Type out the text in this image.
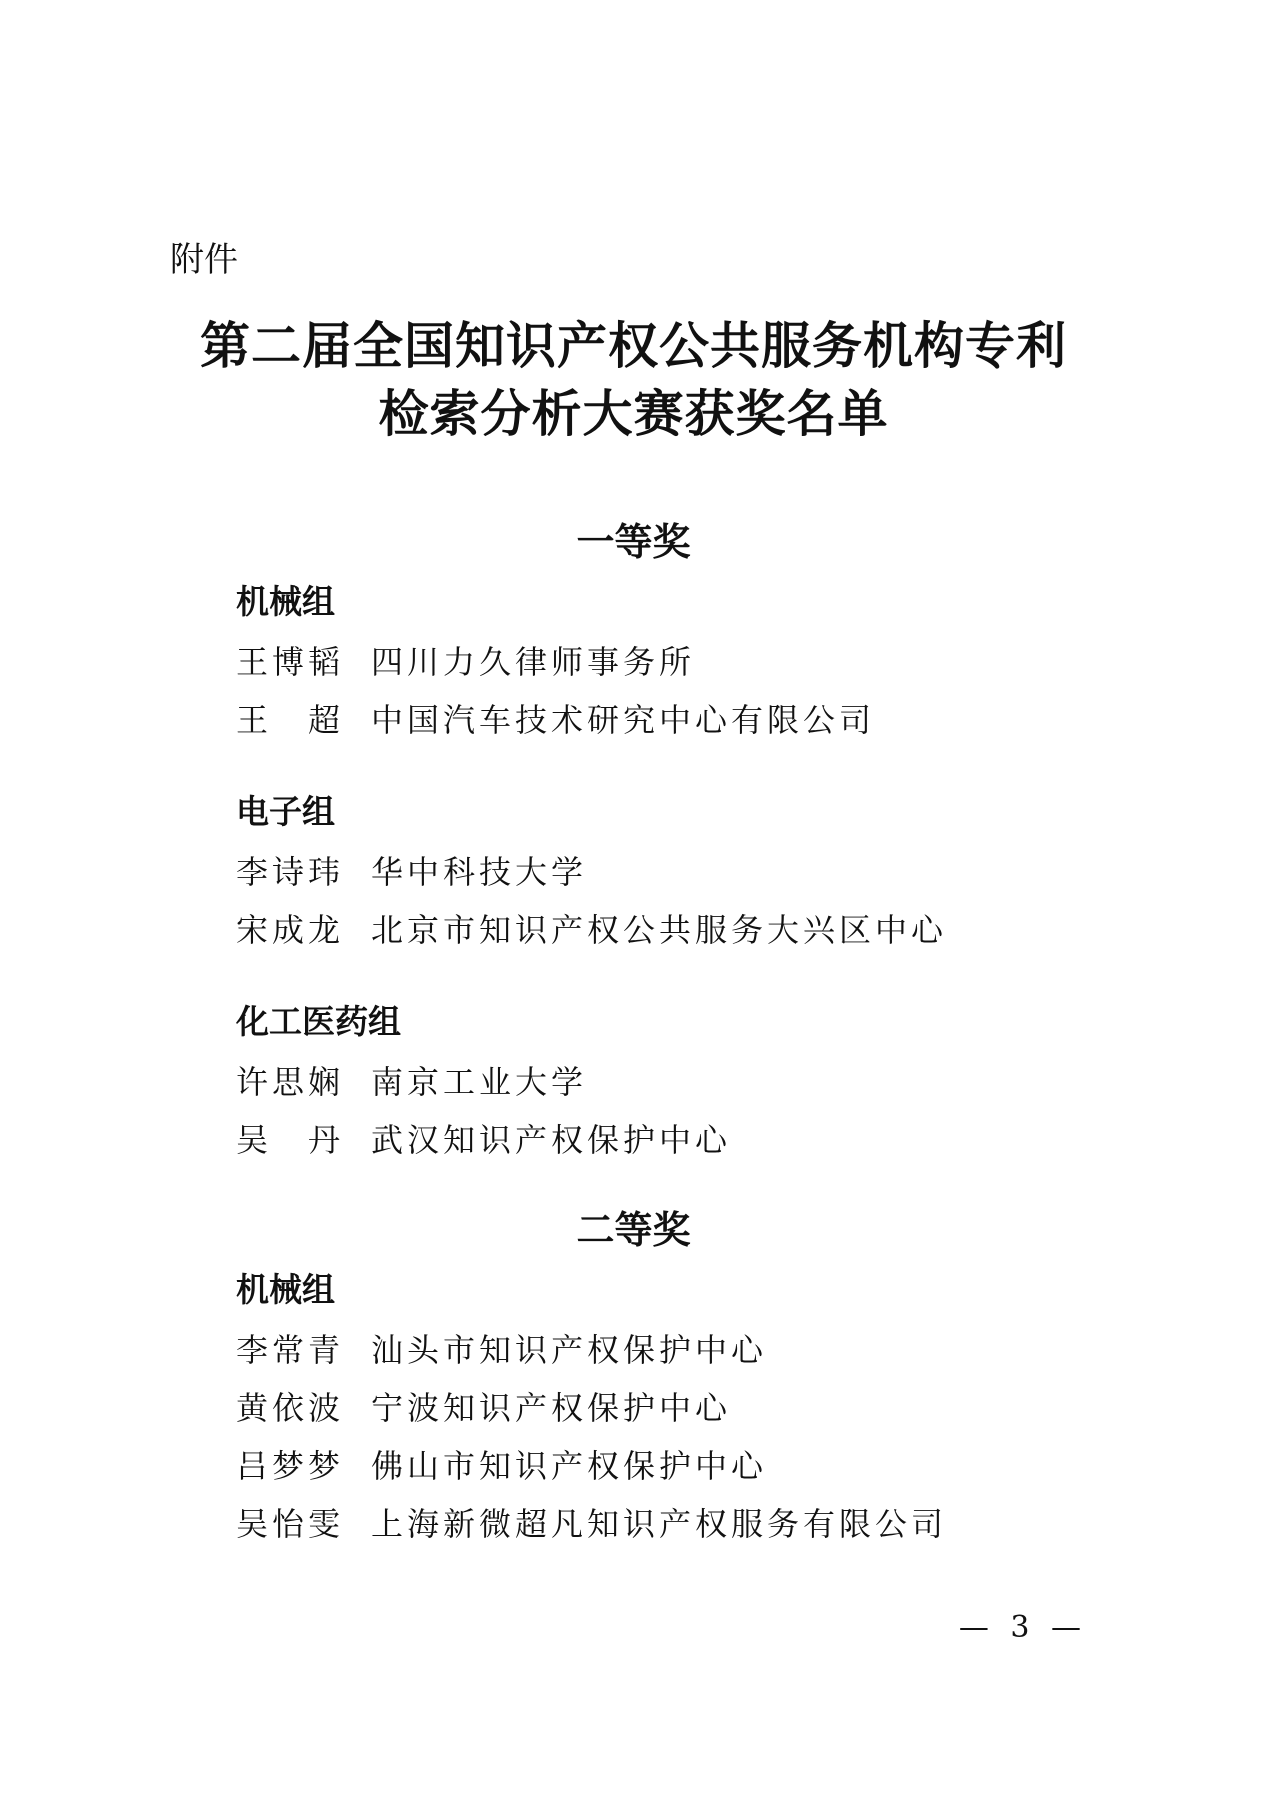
附件
第二届全国知识产权公共服务机构专利
检索分析大赛获奖名单
一等奖
机械组
王博韬 四川力久律师事务所
王　超 中国汽车技术研究中心有限公司
电子组
李诗玮 华中科技大学
宋成龙 北京市知识产权公共服务大兴区中心
化工医药组
许思娴 南京工业大学
吴　丹 武汉知识产权保护中心
二等奖
机械组
李常青 汕头市知识产权保护中心
黄依波 宁波知识产权保护中心
吕梦梦 佛山市知识产权保护中心
吴怡雯 上海新微超凡知识产权服务有限公司
— 3 —
